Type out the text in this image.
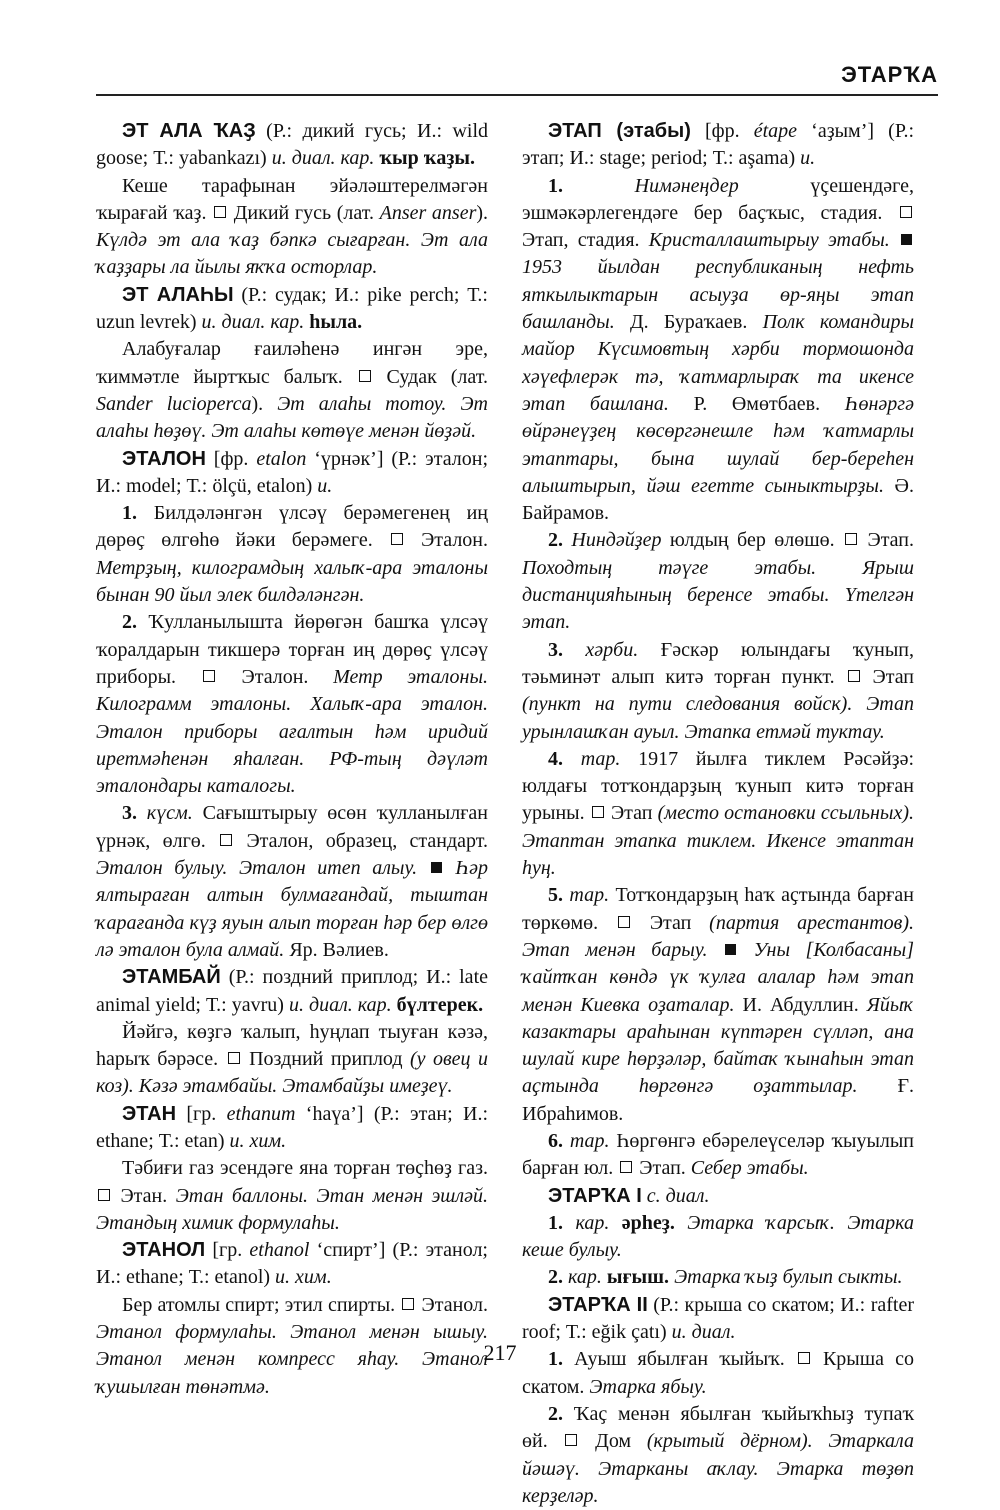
ЭТАРҠА

ЭТ АЛА ҠАҘ (Р.: дикий гусь; И.: wild goose; Т.: yabankazı) и. диал. кар. ҡыр ҡаҙы.

Кеше тарафынан эйәләштерелмәгән ҡырағай ҡаҙ. Дикий гусь (лат. Anser anser). Күлдә эт ала ҡаҙ бәпкә сығарған. Эт ала ҡаҙҙары ла йылы яҡҡа осторлар.

ЭТ АЛАҺЫ (Р.: судак; И.: pike perch; Т.: uzun levrek) и. диал. кар. һыла.

Алабуғалар ғаиләһенә ингән эре, ҡиммәтле йыртҡыс балыҡ. Судак (лат. Sander lucioperca). Эт алаһы тотоу. Эт алаһы һөҙөү. Эт алаһы көтөүе менән йөҙәй.

ЭТАЛОН [фр. etalon ‘үрнәк’] (Р.: эталон; И.: model; Т.: ölçü, etalon) и.

1. Билдәләнгән үлсәү берәмегенең иң дөрөҫ өлгөһө йәки берәмеге. Эталон. Метрҙың, килограмдың халыҡ-ара эталоны бынан 90 йыл элек билдәләнгән.

2. Ҡулланылышта йөрөгән башҡа үлсәү ҡоралдарын тикшерә торған иң дөрөҫ үлсәү приборы.	Эталон. Метр эталоны. Килограмм эталоны. Халыҡ-ара эталон. Эталон приборы ағалтын һәм иридий иретмәһенән яһалған. РФ-тың дәүләт эталондары каталогы.

3. күсм. Сағыштырыу өсөн ҡулланылған үрнәк, өлгө. Эталон, образец, стандарт. Эталон булыу. Эталон итеп алыу.  Һәр ялтыраған алтын булмағандай, тыштан ҡарағанда күҙ яуын алып торған һәр бер өлгө лә эталон була алмай. Яр. Вәлиев.

ЭТАМБАЙ (Р.: поздний приплод; И.: late animal yield; Т.: yavru) и. диал. кар. бүлтерек.

Йәйгә, көҙгә ҡалып, һуңлап тыуған кәзә, һарыҡ бәрәсе. Поздний приплод (у овец и коз). Кәзә этамбайы. Этамбайҙы имеҙеү.

ЭТАН [гр. ethanum ‘һаүа’] (Р.: этан; И.: ethane; Т.: etan) и. хим.

Тәбиғи газ эсендәге яна торған төҫһөҙ газ.  Этан. Этан баллоны. Этан менән эшләй. Этандың химик формулаһы.

ЭТАНОЛ [гр. ethanol ‘спирт’] (Р.: этанол; И.: ethane; Т.: etanol) и. хим.

Бер атомлы спирт; этил спирты. Этанол. Этанол формулаһы. Этанол менән ышыу. Этанол менән компресс яһау. Этанол ҡушылған төнәтмә.

ЭТАП (этабы) [фр. étape ‘аҙым’] (Р.: этап; И.: stage; period; Т.: aşama) и.

1. Нимәнеңдер үҫешендәге, эшмәкәрлегендәге бер баҫҡыс, стадия.  Этап, стадия. Кристаллаштырыу этабы.  1953 йылдан республиканың нефть яткылыктарын асыуҙа өр-яңы этап башланды. Д. Бураҡаев. Полк командиры майор Күсимовтың хәрби тормошонда хәүефлерәк тә, ҡатмарлыраҡ та икенсе этап башлана. Р. Өмөтбаев. Һөнәргә өйрәнеүҙең көсөргәнешле һәм ҡатмарлы этаптары, бына шулай бер-береһен алыштырып, йәш егетте сыныктырҙы. Ә. Байрамов.

2. Ниндәйҙер юлдың бер өлөшө. Этап. Походтың тәүге этабы. Ярыш дистанцияһының беренсе этабы. Үтелгән этап.

3. хәрби. Ғәскәр юлындағы ҡунып, тәьминәт алып китә торған пункт. Этап (пункт на пути следования войск). Этап урынлашҡан ауыл. Этапка етмәй туктау.

4. тар. 1917 йылға тиклем Рәсәйҙә: юлдағы тотҡондарҙың ҡунып китә торған урыны. Этап (место остановки ссыльных). Этаптан этапка тиклем. Икенсе этаптан һуң.

5. тар. Тотҡондарҙың һаҡ аҫтында барған төркөмө.	Этап (партия арестантов). Этап менән барыу.  Уны [Колбасаны] ҡайтҡан көндә үк ҡулға алалар һәм этап менән Киевка оҙаталар. И. Абдуллин. Яйыҡ казактары араһынан күптәрен сүлләп, ана шулай кире һөрҙәләр, байтаҡ ҡынаһын этап аҫтында һөргөнгә оҙаттылар. Ғ. Ибраһимов.

6. тар. Һөргөнгә ебәрелеүселәр ҡыуылып барған юл. Этап. Себер этабы.

ЭТАРҠА I с. диал.

1. кар. әрһеҙ. Этарка ҡарсыҡ. Этарка кеше булыу.

2. кар. ығыш. Этарка ҡыҙ булып сыкты.

ЭТАРҠА II (Р.: крыша со скатом; И.: rafter roof; Т.: eğik çatı) и. диал.

1. Ауыш ябылған ҡыйыҡ. Крыша со скатом. Этарка ябыу.

2. Ҡаҫ менән ябылған ҡыйыҡһыҙ тупаҡ өй. Дом (крытый дёрном). Этаркала йәшәү. Этарканы аҡлау. Этарка төҙөп керҙеләр.

217
